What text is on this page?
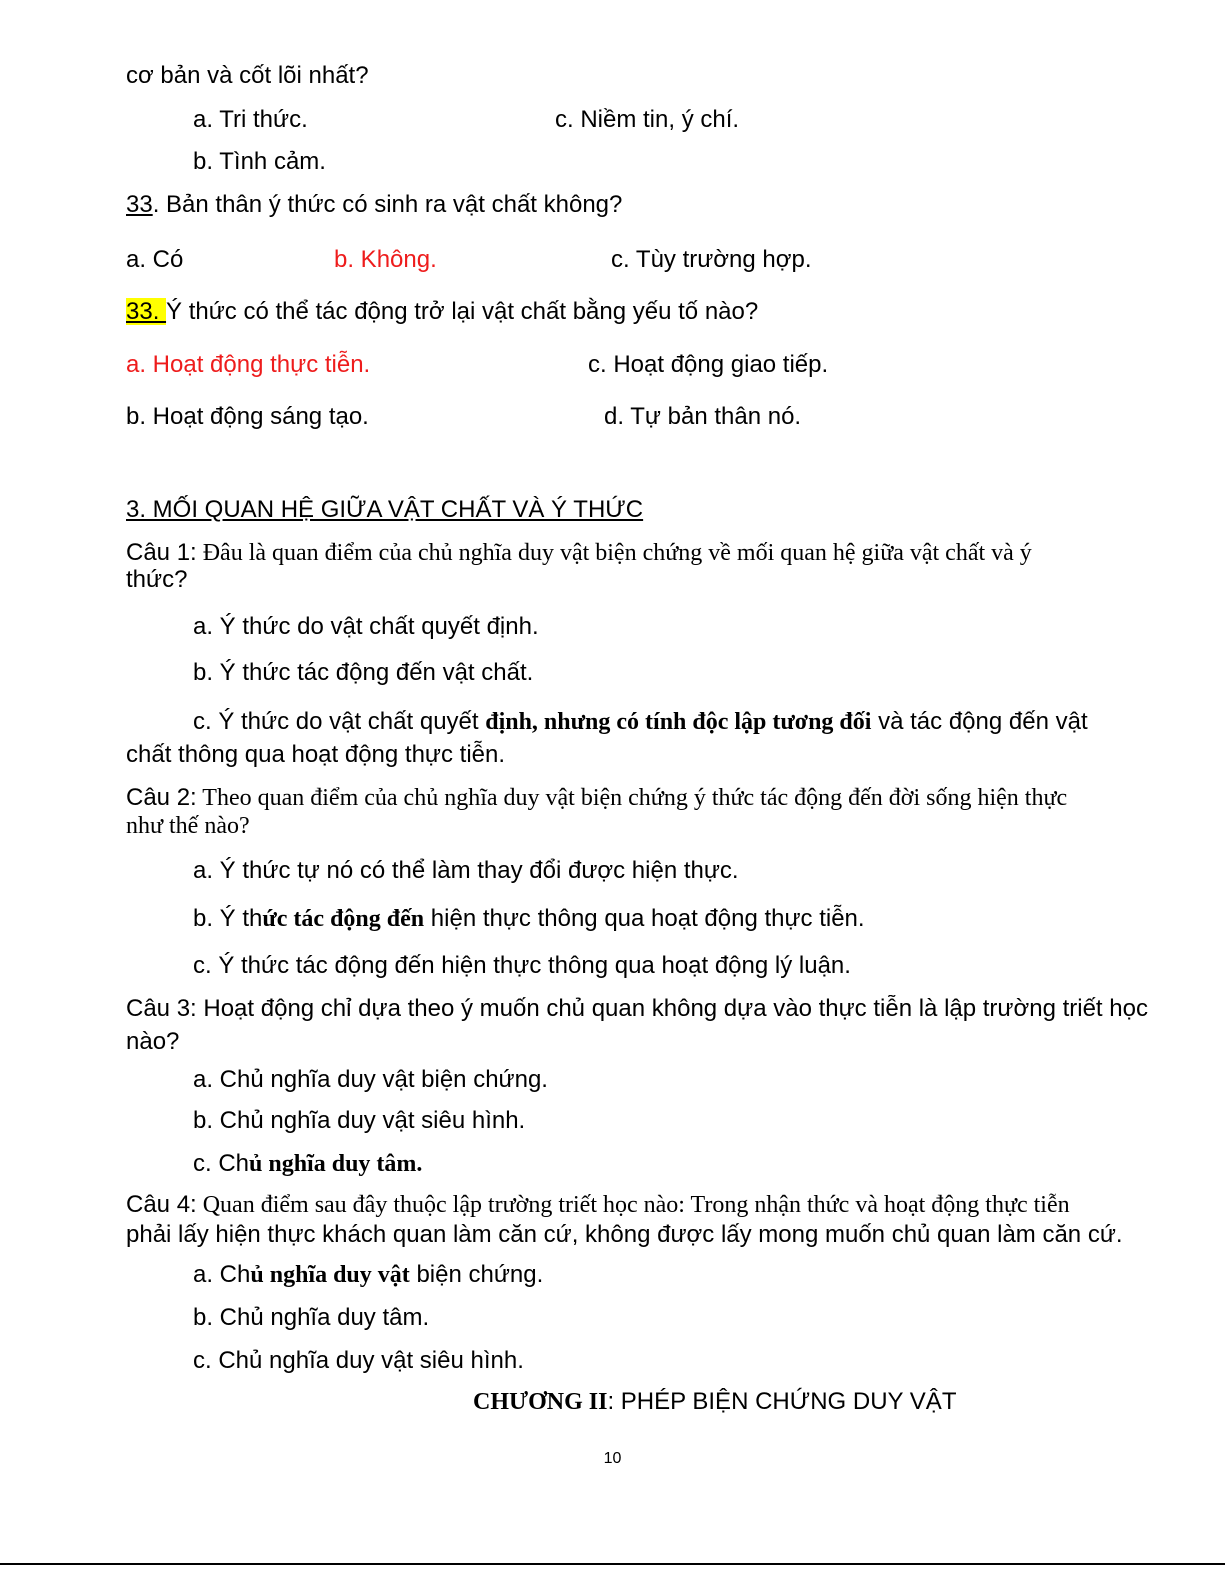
cơ bản và cốt lõi nhất?
a. Tri thức.	c. Niềm tin, ý chí.
b. Tình cảm.
33. Bản thân ý thức có sinh ra vật chất không?
a. Có	b. Không.	c. Tùy trường hợp.
33. Ý thức có thể tác động trở lại vật chất bằng yếu tố nào?
a. Hoạt động thực tiễn.	c. Hoạt động giao tiếp.
b. Hoạt động sáng tạo.	d. Tự bản thân nó.
3. MỐI QUAN HỆ GIỮA VẬT CHẤT VÀ Ý THỨC
Câu 1: Đâu là quan điểm của chủ nghĩa duy vật biện chứng về mối quan hệ giữa vật chất và ý
thức?
a. Ý thức do vật chất quyết định.
b. Ý thức tác động đến vật chất.
c. Ý thức do vật chất quyết định, nhưng có tính độc lập tương đối và tác động đến vật
chất thông qua hoạt động thực tiễn.
Câu 2: Theo quan điểm của chủ nghĩa duy vật biện chứng ý thức tác động đến đời sống hiện thực
như thế nào?
a. Ý thức tự nó có thể làm thay đổi được hiện thực.
b. Ý thức tác động đến hiện thực thông qua hoạt động thực tiễn.
c. Ý thức tác động đến hiện thực thông qua hoạt động lý luận.
Câu 3: Hoạt động chỉ dựa theo ý muốn chủ quan không dựa vào thực tiễn là lập trường triết học
nào?
a. Chủ nghĩa duy vật biện chứng.
b. Chủ nghĩa duy vật siêu hình.
c. Chủ nghĩa duy tâm.
Câu 4: Quan điểm sau đây thuộc lập trường triết học nào: Trong nhận thức và hoạt động thực tiễn
phải lấy hiện thực khách quan làm căn cứ, không được lấy mong muốn chủ quan làm căn cứ.
a. Chủ nghĩa duy vật biện chứng.
b. Chủ nghĩa duy tâm.
c. Chủ nghĩa duy vật siêu hình.
CHƯƠNG II: PHÉP BIỆN CHỨNG DUY VẬT
10
